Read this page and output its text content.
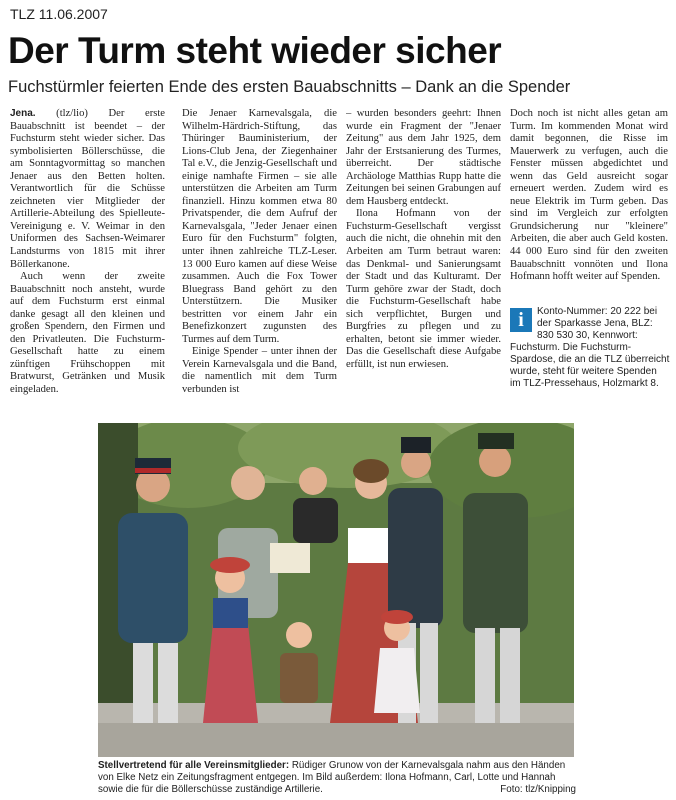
TLZ 11.06.2007
Der Turm steht wieder sicher
Fuchstürmler feierten Ende des ersten Bauabschnitts – Dank an die Spender

Jena. (tlz/lio) Der erste Bauabschnitt ist beendet – der Fuchsturm steht wieder sicher. Das symbolisierten Böllerschüsse, die am Sonntagvormittag so manchen Jenaer aus den Betten holten. Verantwortlich für die Schüsse zeichneten vier Mitglieder der Artillerie-Abteilung des Spielleute-Vereinigung e. V. Weimar in den Uniformen des Sachsen-Weimarer Landsturms von 1815 mit ihrer Böllerkanone.

Auch wenn der zweite Bauabschnitt noch ansteht, wurde auf dem Fuchsturm erst einmal danke gesagt all den kleinen und großen Spendern, den Firmen und den Privatleuten. Die Fuchsturm-Gesellschaft hatte zu einem zünftigen Frühschoppen mit Bratwurst, Getränken und Musik eingeladen.

Die Jenaer Karnevalsgala, die Wilhelm-Härdrich-Stiftung, das Thüringer Bauministerium, der Lions-Club Jena, der Ziegenhainer Tal e.V., die Jenzig-Gesellschaft und einige namhafte Firmen – sie alle unterstützen die Arbeiten am Turm finanziell. Hinzu kommen etwa 80 Privatspender, die dem Aufruf der Karnevalsgala, "Jeder Jenaer einen Euro für den Fuchsturm" folgten, unter ihnen zahlreiche TLZ-Leser. 13 000 Euro kamen auf diese Weise zusammen. Auch die Fox Tower Bluegrass Band gehört zu den Unterstützern. Die Musiker bestritten vor einem Jahr ein Benefizkonzert zugunsten des Turmes auf dem Turm.

Einige Spender – unter ihnen der Verein Karnevalsgala und die Band, die namentlich mit dem Turm verbunden ist

– wurden besonders geehrt: Ihnen wurde ein Fragment der "Jenaer Zeitung" aus dem Jahr 1925, dem Jahr der Erstsanierung des Turmes, überreicht. Der städtische Archäologe Matthias Rupp hatte die Zeitungen bei seinen Grabungen auf dem Hausberg entdeckt.

Ilona Hofmann von der Fuchsturm-Gesellschaft vergisst auch die nicht, die ohnehin mit den Arbeiten am Turm betraut waren: das Denkmal- und Sanierungsamt der Stadt und das Kulturamt. Der Turm gehöre zwar der Stadt, doch die Fuchsturm-Gesellschaft habe sich verpflichtet, Burgen und Burgfries zu pflegen und zu erhalten, betont sie immer wieder. Das die Gesellschaft diese Aufgabe erfüllt, ist nun erwiesen.

Doch noch ist nicht alles getan am Turm. Im kommenden Monat wird damit begonnen, die Risse im Mauerwerk zu verfugen, auch die Fenster müssen abgedichtet und wenn das Geld ausreicht sogar erneuert werden. Zudem wird es neue Elektrik im Turm geben. Das sind im Vergleich zur erfolgten Grundsicherung nur "kleinere" Arbeiten, die aber auch Geld kosten. 44 000 Euro sind für den zweiten Bauabschnitt vonnöten und Ilona Hofmann hofft weiter auf Spenden.

i	Konto-Nummer: 20 222 bei der Sparkasse Jena, BLZ: 830 530 30, Kennwort: Fuchsturm. Die Fuchsturm-Spardose, die an die TLZ überreicht wurde, steht für weitere Spenden im TLZ-Pressehaus, Holzmarkt 8.
Stellvertretend für alle Vereinsmitglieder: Rüdiger Grunow von der Karnevalsgala nahm aus den Händen von Elke Netz ein Zeitungsfragment entgegen. Im Bild außerdem: Ilona Hofmann, Carl, Lotte und Hannah sowie die für die Böllerschüsse zuständige Artillerie.	Foto: tlz/Knipping
